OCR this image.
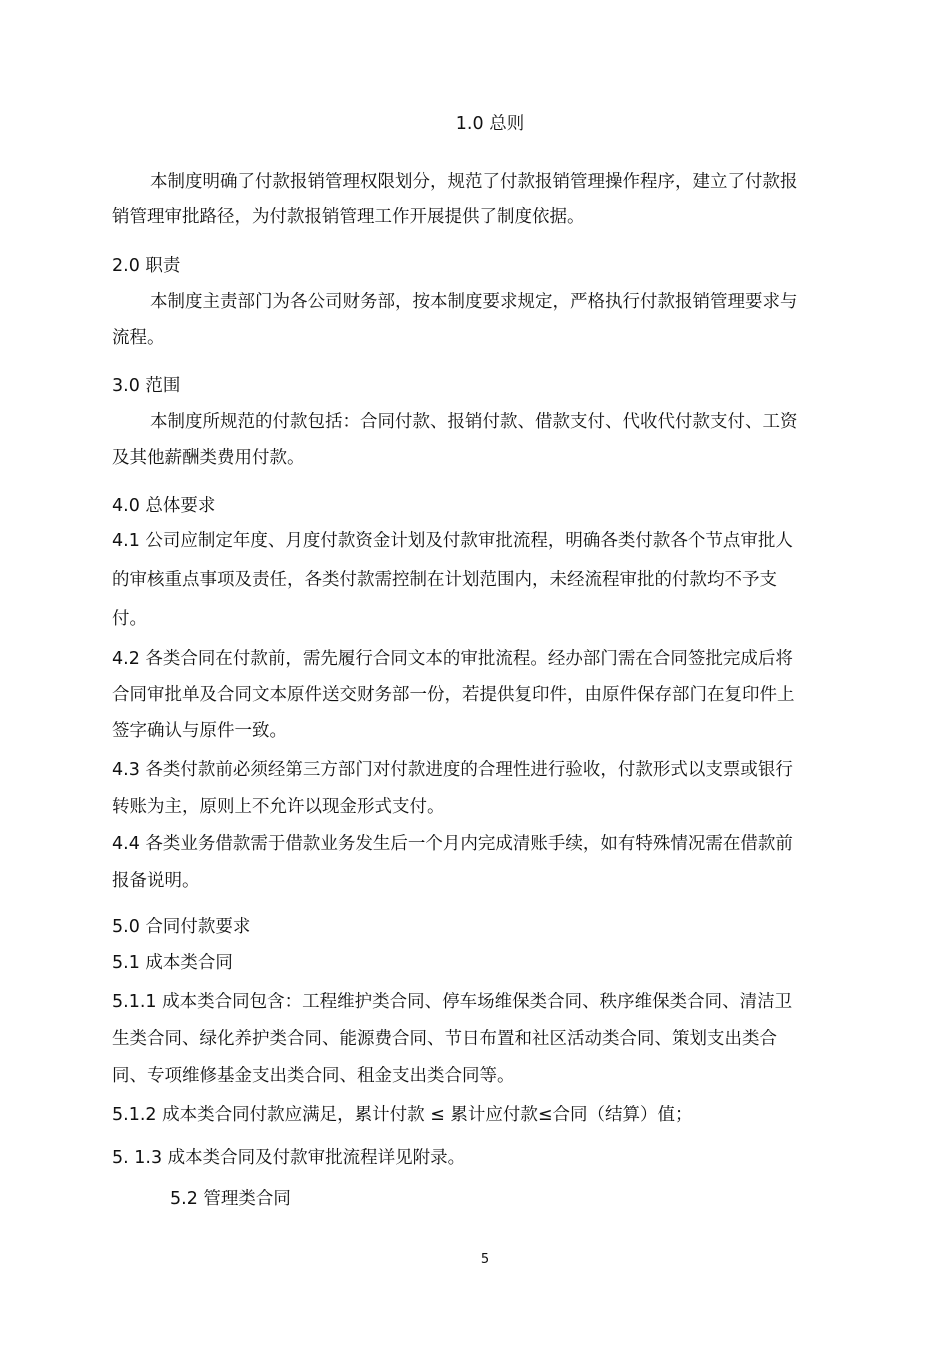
1.0 总则
本制度明确了付款报销管理权限划分，规范了付款报销管理操作程序，建立了付款报
销管理审批路径，为付款报销管理工作开展提供了制度依据。
2.0 职责
本制度主责部门为各公司财务部，按本制度要求规定，严格执行付款报销管理要求与
流程。
3.0 范围
本制度所规范的付款包括：合同付款、报销付款、借款支付、代收代付款支付、工资
及其他薪酬类费用付款。
4.0 总体要求
4.1 公司应制定年度、月度付款资金计划及付款审批流程，明确各类付款各个节点审批人
的审核重点事项及责任，各类付款需控制在计划范围内，未经流程审批的付款均不予支
付。
4.2 各类合同在付款前，需先履行合同文本的审批流程。经办部门需在合同签批完成后将
合同审批单及合同文本原件送交财务部一份，若提供复印件，由原件保存部门在复印件上
签字确认与原件一致。
4.3 各类付款前必须经第三方部门对付款进度的合理性进行验收，付款形式以支票或银行
转账为主，原则上不允许以现金形式支付。
4.4 各类业务借款需于借款业务发生后一个月内完成清账手续，如有特殊情况需在借款前
报备说明。
5.0 合同付款要求
5.1 成本类合同
5.1.1 成本类合同包含：工程维护类合同、停车场维保类合同、秩序维保类合同、清洁卫
生类合同、绿化养护类合同、能源费合同、节日布置和社区活动类合同、策划支出类合
同、专项维修基金支出类合同、租金支出类合同等。
5.1.2 成本类合同付款应满足，累计付款 ≤ 累计应付款≤合同（结算）值；
5. 1.3 成本类合同及付款审批流程详见附录。
5.2 管理类合同
5
